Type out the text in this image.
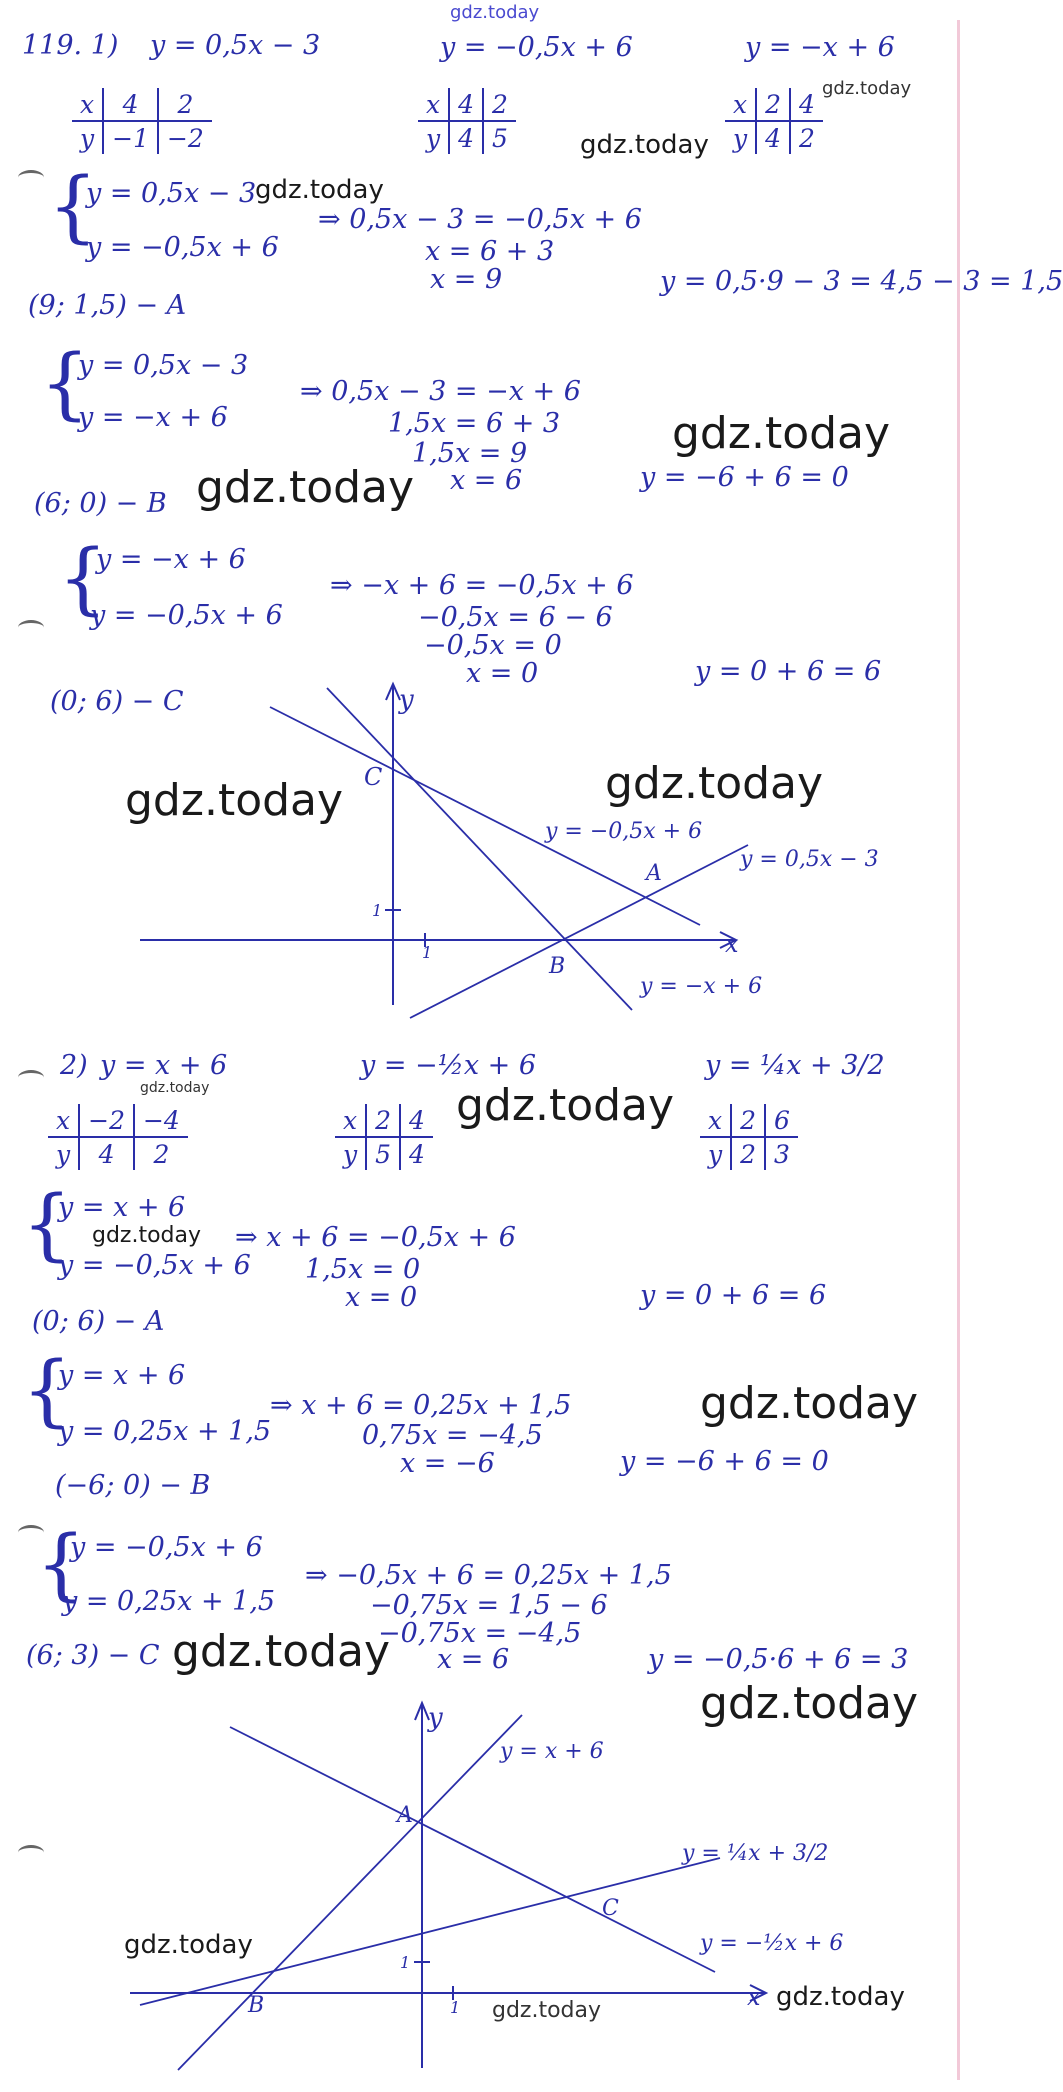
gdz.today
119. 1) y = 0,5x − 3	y = −0,5x + 6	y = −x + 6
x	4	2
y	−1	−2
x	4	2
y	4	5
x	2	4
y	4	2
gdz.today
gdz.today
{
y = 0,5x − 3
y = −0,5x + 6
gdz.today
⇒ 0,5x − 3 = −0,5x + 6
x = 6 + 3
x = 9	y = 0,5·9 − 3 = 4,5 − 3 = 1,5
(9; 1,5) − A
{
y = 0,5x − 3
y = −x + 6
⇒ 0,5x − 3 = −x + 6
1,5x = 6 + 3
1,5x = 9
x = 6
gdz.today
y = −6 + 6 = 0
(6; 0) − B gdz.today
{
y = −x + 6
y = −0,5x + 6
⇒ −x + 6 = −0,5x + 6
−0,5x = 6 − 6
−0,5x = 0
x = 0	y = 0 + 6 = 6
(0; 6) − C	y
x
1
1
C
A
B
y = −0,5x + 6
y = 0,5x − 3
y = −x + 6
gdz.today	gdz.today
2) y = x + 6
gdz.today
y = −½x + 6	y = ¼x + 3/2
gdz.today
x	−2	−4
y	4	2
x	2	4
y	5	4
x	2	6
y	2	3
{
y = x + 6
y = −0,5x + 6
gdz.today ⇒ x + 6 = −0,5x + 6
1,5x = 0
x = 0	y = 0 + 6 = 6
(0; 6) − A
{
y = x + 6
y = 0,25x + 1,5
⇒ x + 6 = 0,25x + 1,5
0,75x = −4,5
x = −6
gdz.today
y = −6 + 6 = 0
(−6; 0) − B
{
y = −0,5x + 6
y = 0,25x + 1,5
⇒ −0,5x + 6 = 0,25x + 1,5
−0,75x = 1,5 − 6
−0,75x = −4,5
x = 6	y = −0,5·6 + 6 = 3
(6; 3) − C gdz.today
gdz.today
y
x
1
1
A
B
C
y = x + 6
y = ¼x + 3/2
y = −½x + 6
gdz.today
gdz.today	gdz.today
